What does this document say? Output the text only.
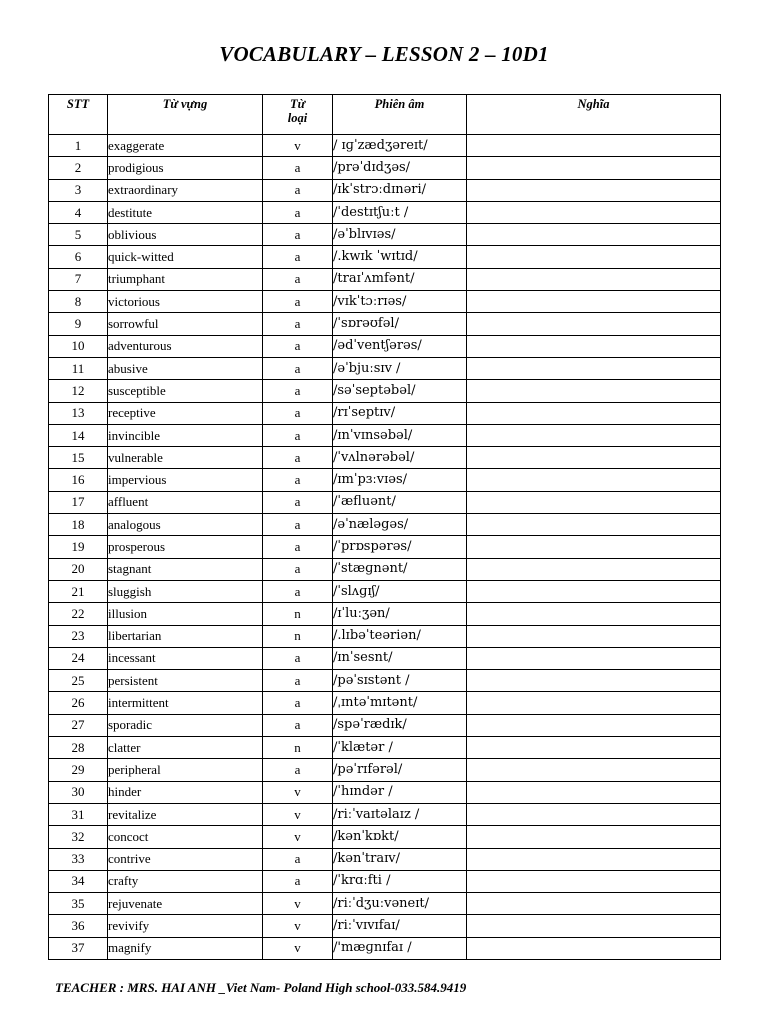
VOCABULARY – LESSON 2 – 10D1
STT	Từ vựng	Từ loại	Phiên âm	Nghĩa
1	exaggerate	v	/ ɪɡˈzædʒəreɪt/	
2	prodigious	a	/prəˈdɪdʒəs/	
3	extraordinary	a	/ɪkˈstrɔːdɪnəri/	
4	destitute	a	/ˈdestɪtʃuːt /	
5	oblivious	a	/əˈblɪvɪəs/	
6	quick-witted	a	/.kwɪk ˈwɪtɪd/	
7	triumphant	a	/traɪˈʌmfənt/	
8	victorious	a	/vɪkˈtɔːrɪəs/	
9	sorrowful	a	/ˈsɒrəʊfəl/	
10	adventurous	a	/ədˈventʃərəs/	
11	abusive	a	/əˈbjuːsɪv /	
12	susceptible	a	/səˈseptəbəl/	
13	receptive	a	/rɪˈseptɪv/	
14	invincible	a	/ɪnˈvɪnsəbəl/	
15	vulnerable	a	/ˈvʌlnərəbəl/	
16	impervious	a	/ɪmˈpɜːvɪəs/	
17	affluent	a	/ˈæfluənt/	
18	analogous	a	/əˈnæləgəs/	
19	prosperous	a	/ˈprɒspərəs/	
20	stagnant	a	/ˈstæɡnənt/	
21	sluggish	a	/ˈslʌɡɪʃ/	
22	illusion	n	/ɪˈluːʒən/	
23	libertarian	n	/.lɪbəˈteəriən/	
24	incessant	a	/ɪnˈsesnt/	
25	persistent	a	/pəˈsɪstənt /	
26	intermittent	a	/ˌɪntəˈmɪtənt/	
27	sporadic	a	/spəˈrædɪk/	
28	clatter	n	/ˈklætər /	
29	peripheral	a	/pəˈrɪfərəl/	
30	hinder	v	/ˈhɪndər /	
31	revitalize	v	/riːˈvaɪtəlaɪz /	
32	concoct	v	/kənˈkɒkt/	
33	contrive	a	/kənˈtraɪv/	
34	crafty	a	/ˈkrɑːfti /	
35	rejuvenate	v	/riːˈdʒuːvəneɪt/	
36	revivify	v	/riːˈvɪvɪfaɪ/	
37	magnify	v	/'mæɡnɪfaɪ /	
TEACHER : MRS. HAI ANH _Viet Nam- Poland High school-033.584.9419
